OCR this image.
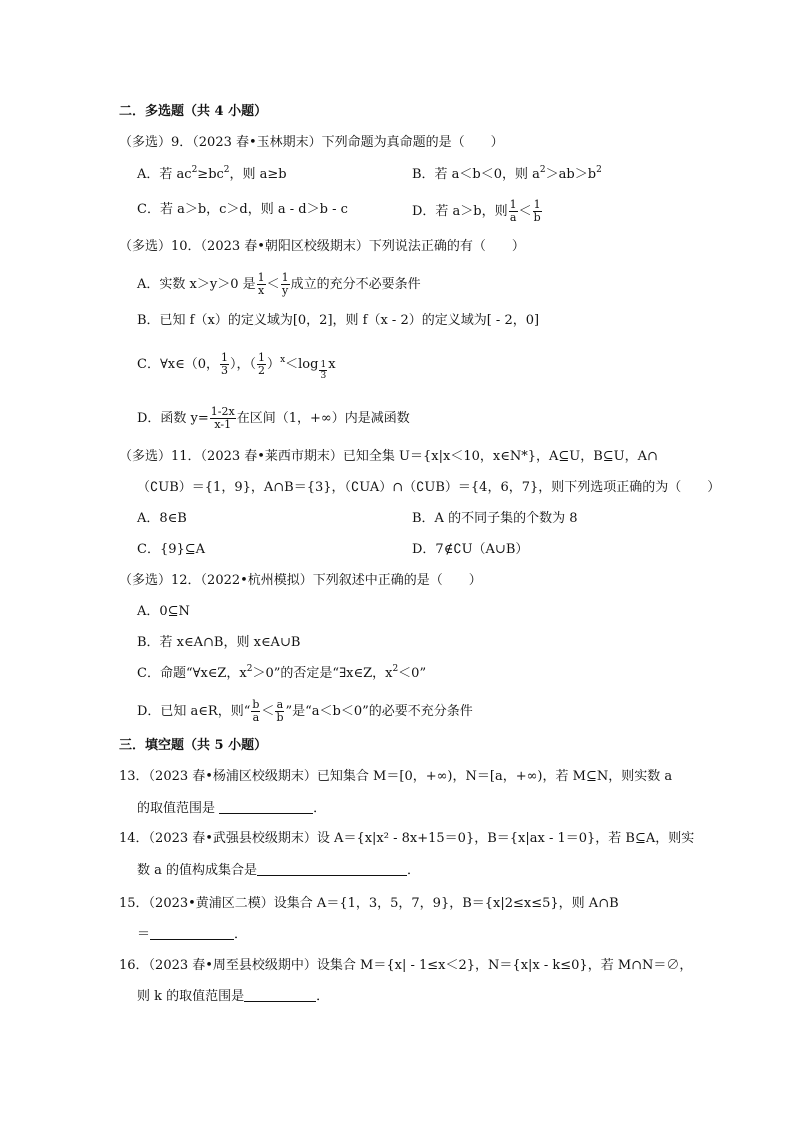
二．多选题（共 4 小题）
（多选）9．（2023 春•玉林期末）下列命题为真命题的是（　　）
A．若 $ac^2\ge bc^2$，则 a≥b	B．若 a＜b＜0，则 $a^2>ab>b^2$
C．若 a＞b，c＞d，则 a - d＞b - c	D．若 a＞b，则 $\frac{1}{a} < \frac{1}{b}$
（多选）10．（2023 春•朝阳区校级期末）下列说法正确的有（　　）
A．实数 x＞y＞0 是 $\frac{1}{x} < \frac{1}{y}$ 成立的充分不必要条件
B．已知 f（x）的定义域为[0，2]，则 f（x - 2）的定义域为[ - 2，0]
C．∀x∈（0， $\frac{1}{3}$ ），（ $\frac{1}{2} )^x<\log \frac{1}{3}$ x
D．函数 $y= \frac{1-2x}{x-1}$ 在区间（1，+∞）内是减函数
（多选）11．（2023 春•莱西市期末）已知全集 U＝{x|x＜10，x∈N*}，A⊆U，B⊆U，A∩
（∁UB）＝{1，9}，A∩B＝{3}，（∁UA）∩（∁UB）＝{4，6，7}，则下列选项正确的为（　　）
A．8∈B	B．A 的不同子集的个数为 8
C．{9}⊆A	D．7∉∁U（A∪B）
（多选）12．（2022•杭州模拟）下列叙述中正确的是（　　）
A．0⊆N
B．若 x∈A∩B，则 x∈A∪B
C．命题“∀x∈Z，$x^2>0$”的否定是“∃x∈Z，$x^2<0$”
D．已知 a∈R，则“ $\frac{b}{a} < \frac{a}{b}$ ”是“a＜b＜0”的必要不充分条件
三．填空题（共 5 小题）
13．（2023 春•杨浦区校级期末）已知集合 M＝[0，+∞)，N＝[a，+∞)，若 M⊆N，则实数 a
的取值范围是	．
14．（2023 春•武强县校级期末）设 A＝{x|x² - 8x+15＝0}，B＝{x|ax - 1＝0}，若 B⊆A，则实
数 a 的值构成集合是	．
15．（2023•黄浦区二模）设集合 A＝{1，3，5，7，9}，B＝{x|2≤x≤5}，则 A∩B
＝	．
16．（2023 春•周至县校级期中）设集合 M＝{x| - 1≤x＜2}，N＝{x|x - k≤0}，若 M∩N＝∅，
则 k 的取值范围是	．
